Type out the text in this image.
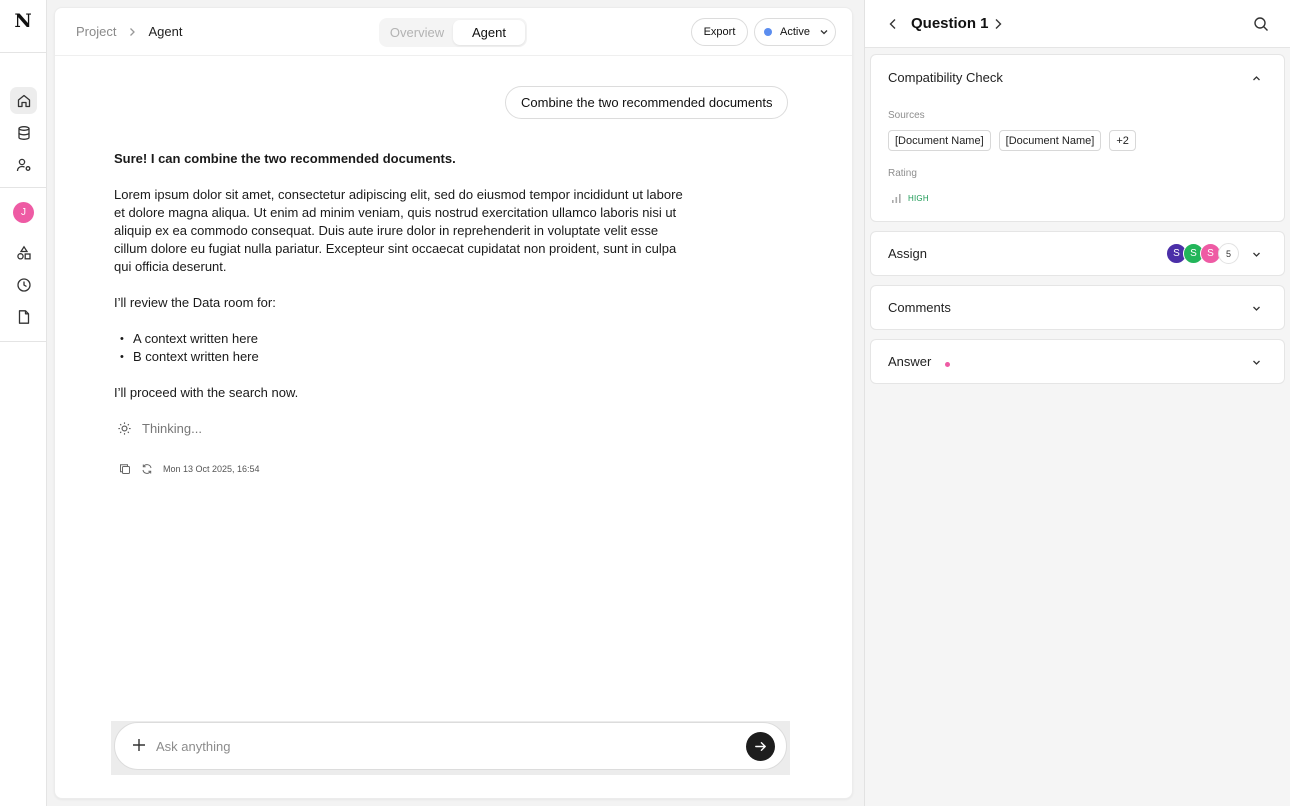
N
J
Project Agent	Overview	Agent	Export	Active
Combine the two recommended documents
Sure! I can combine the two recommended documents.

Lorem ipsum dolor sit amet, consectetur adipiscing elit, sed do eiusmod tempor incididunt ut labore et dolore magna aliqua. Ut enim ad minim veniam, quis nostrud exercitation ullamco laboris nisi ut aliquip ex ea commodo consequat. Duis aute irure dolor in reprehenderit in voluptate velit esse cillum dolore eu fugiat nulla pariatur. Excepteur sint occaecat cupidatat non proident, sunt in culpa qui officia deserunt.

I’ll review the Data room for:

• A context written here
• B context written here

I’ll proceed with the search now.

Thinking...
Mon 13 Oct 2025, 16:54
Ask anything
Question 1
Compatibility Check
Sources
[Document Name]	[Document Name]	+2
Rating
HIGH
Assign	S	S	S	5
Comments
Answer
